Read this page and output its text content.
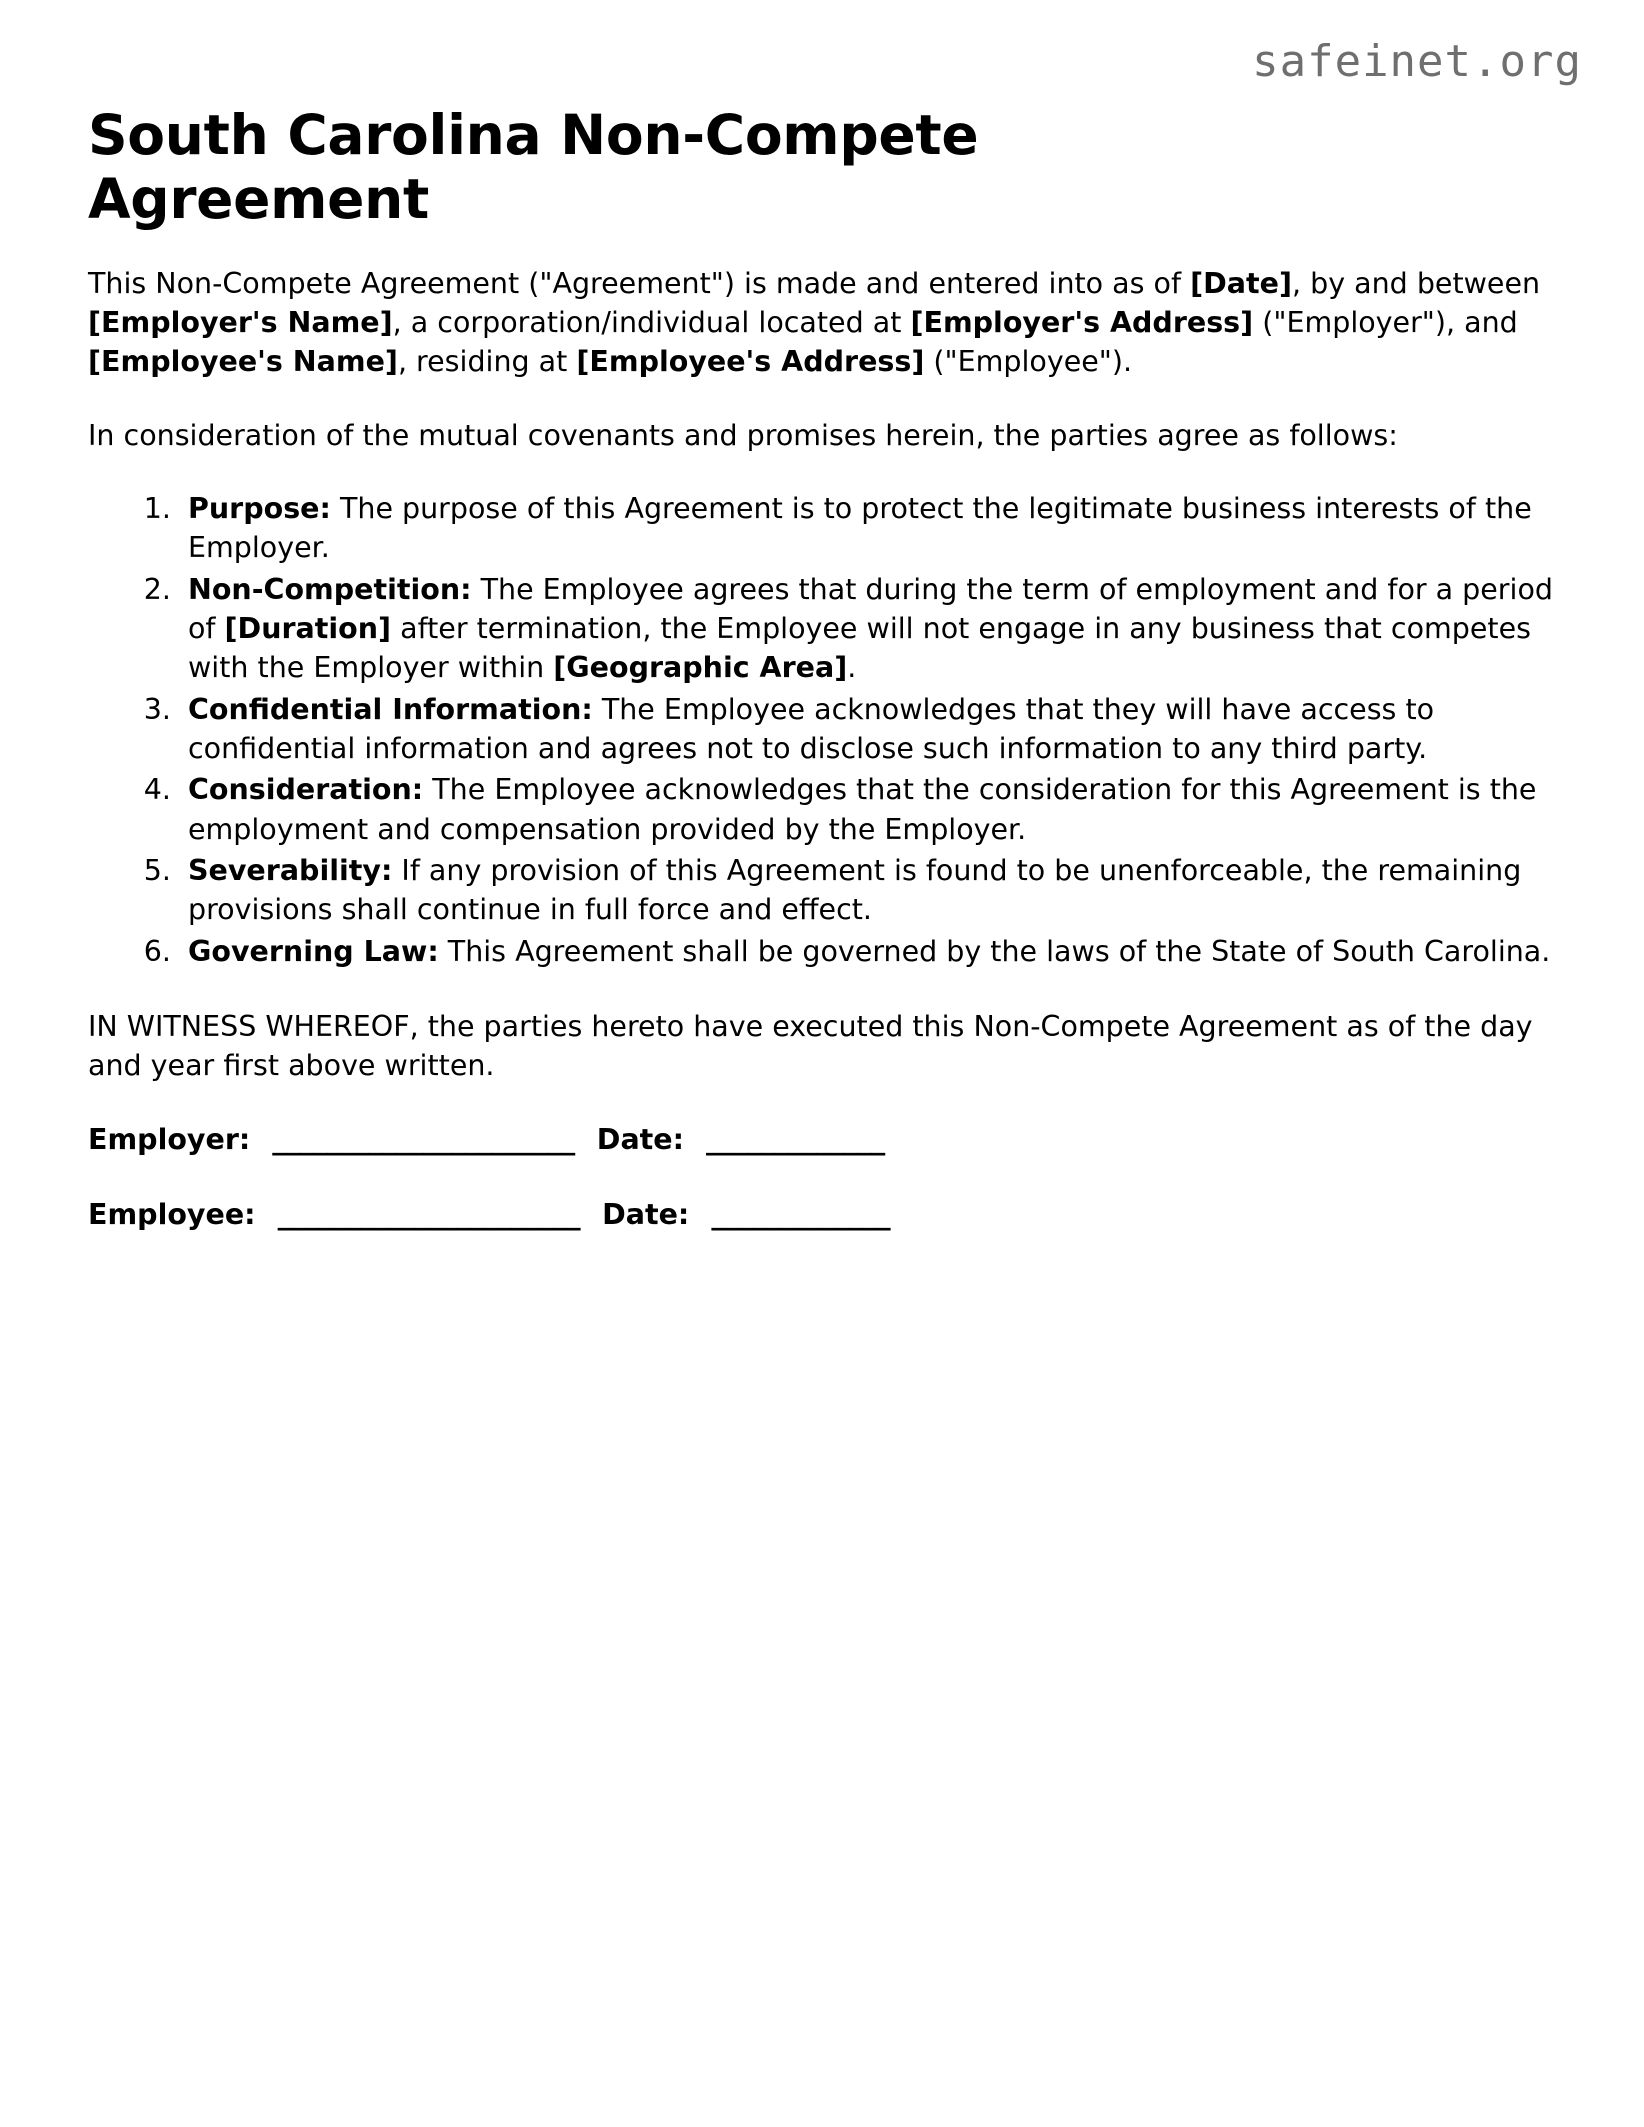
safeinet.org
South Carolina Non-Compete Agreement

This Non-Compete Agreement ("Agreement") is made and entered into as of [Date], by and between [Employer's Name], a corporation/individual located at [Employer's Address] ("Employer"), and [Employee's Name], residing at [Employee's Address] ("Employee").

In consideration of the mutual covenants and promises herein, the parties agree as follows:

1. Purpose: The purpose of this Agreement is to protect the legitimate business interests of the Employer.
2. Non-Competition: The Employee agrees that during the term of employment and for a period of [Duration] after termination, the Employee will not engage in any business that competes with the Employer within [Geographic Area].
3. Confidential Information: The Employee acknowledges that they will have access to confidential information and agrees not to disclose such information to any third party.
4. Consideration: The Employee acknowledges that the consideration for this Agreement is the employment and compensation provided by the Employer.
5. Severability: If any provision of this Agreement is found to be unenforceable, the remaining provisions shall continue in full force and effect.
6. Governing Law: This Agreement shall be governed by the laws of the State of South Carolina.

IN WITNESS WHEREOF, the parties hereto have executed this Non-Compete Agreement as of the day and year first above written.

Employer: ______________________ Date: _____________
Employee: ______________________ Date: _____________
